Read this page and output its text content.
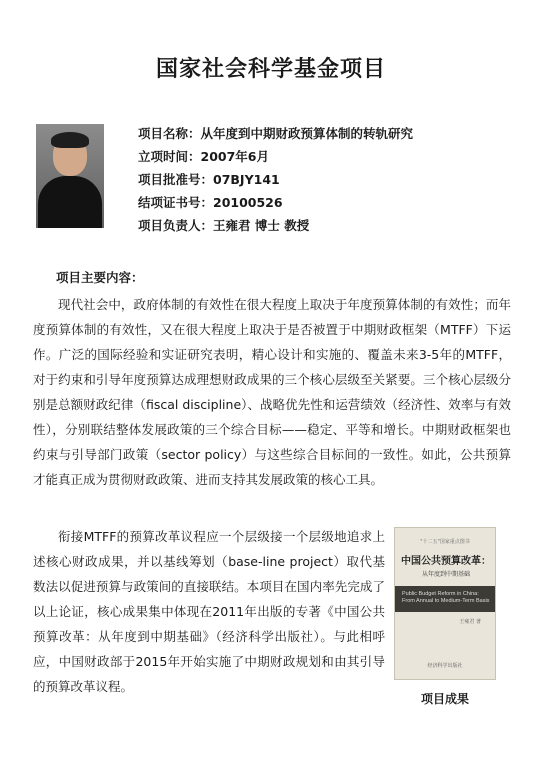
国家社会科学基金项目
项目名称：从年度到中期财政预算体制的转轨研究
立项时间：2007年6月
项目批准号：07BJY141
结项证书号：20100526
项目负责人：王雍君 博士 教授
项目主要内容：
现代社会中，政府体制的有效性在很大程度上取决于年度预算体制的有效性；而年度预算体制的有效性，又在很大程度上取决于是否被置于中期财政框架（MTFF）下运作。广泛的国际经验和实证研究表明，精心设计和实施的、覆盖未来3-5年的MTFF，对于约束和引导年度预算达成理想财政成果的三个核心层级至关紧要。三个核心层级分别是总额财政纪律（fiscal discipline）、战略优先性和运营绩效（经济性、效率与有效性），分别联结整体发展政策的三个综合目标——稳定、平等和增长。中期财政框架也约束与引导部门政策（sector policy）与这些综合目标间的一致性。如此，公共预算才能真正成为贯彻财政政策、进而支持其发展政策的核心工具。
衔接MTFF的预算改革议程应一个层级接一个层级地追求上述核心财政成果，并以基线筹划（base-line project）取代基数法以促进预算与政策间的直接联结。本项目在国内率先完成了以上论证，核心成果集中体现在2011年出版的专著《中国公共预算改革：从年度到中期基础》（经济科学出版社）。与此相呼应，中国财政部于2015年开始实施了中期财政规划和由其引导的预算改革议程。
"十二五"国家重点图书
中国公共预算改革：
从年度到中期基础
Public Budget Reform in China:
From Annual to Medium-Term Basis
王雍君 著
经济科学出版社
项目成果
